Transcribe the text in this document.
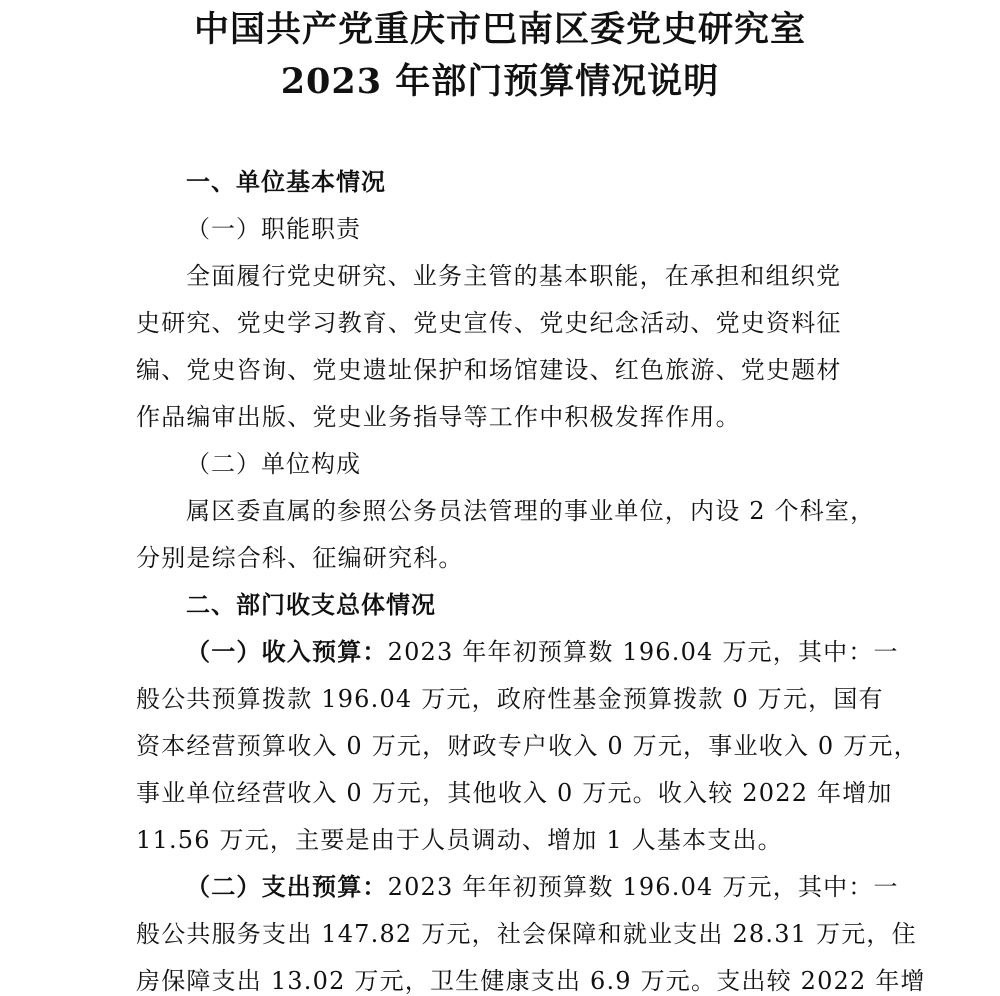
中国共产党重庆市巴南区委党史研究室
2023 年部门预算情况说明
一、单位基本情况
（一）职能职责
全面履行党史研究、业务主管的基本职能，在承担和组织党
史研究、党史学习教育、党史宣传、党史纪念活动、党史资料征
编、党史咨询、党史遗址保护和场馆建设、红色旅游、党史题材
作品编审出版、党史业务指导等工作中积极发挥作用。
（二）单位构成
属区委直属的参照公务员法管理的事业单位，内设 2 个科室，
分别是综合科、征编研究科。
二、部门收支总体情况
（一）收入预算：2023 年年初预算数 196.04 万元，其中：一
般公共预算拨款 196.04 万元，政府性基金预算拨款 0 万元，国有
资本经营预算收入 0 万元，财政专户收入 0 万元，事业收入 0 万元，
事业单位经营收入 0 万元，其他收入 0 万元。收入较 2022 年增加
11.56 万元，主要是由于人员调动、增加 1 人基本支出。
（二）支出预算：2023 年年初预算数 196.04 万元，其中：一
般公共服务支出 147.82 万元，社会保障和就业支出 28.31 万元，住
房保障支出 13.02 万元，卫生健康支出 6.9 万元。支出较 2022 年增
